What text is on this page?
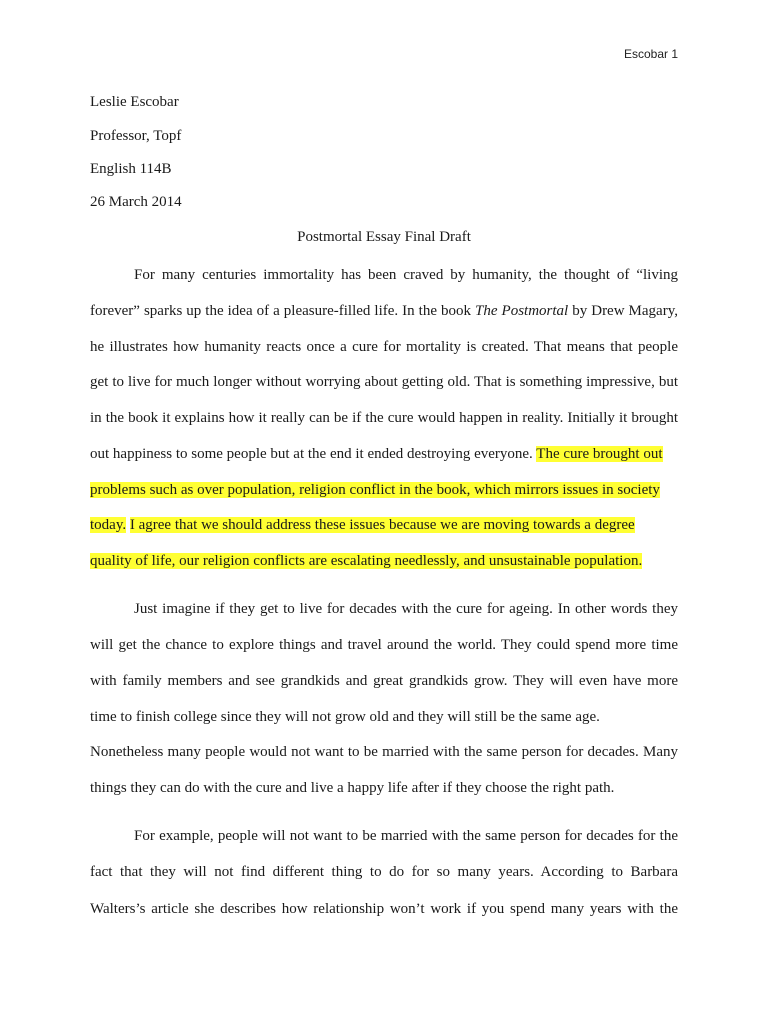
Escobar 1
Leslie Escobar
Professor, Topf
English 114B
26 March 2014
Postmortal Essay Final Draft
For many centuries immortality has been craved by humanity, the thought of “living
forever” sparks up the idea of a pleasure-filled life. In the book The Postmortal by Drew Magary,
he illustrates how humanity reacts once a cure for mortality is created. That means that people
get to live for much longer without worrying about getting old. That is something impressive, but
in the book it explains how it really can be if the cure would happen in reality. Initially it brought
out happiness to some people but at the end it ended destroying everyone. The cure brought out
problems such as over population, religion conflict in the book, which mirrors issues in society
today. I agree that we should address these issues because we are moving towards a degree
quality of life, our religion conflicts are escalating needlessly, and unsustainable population.
Just imagine if they get to live for decades with the cure for ageing. In other words they
will get the chance to explore things and travel around the world. They could spend more time
with family members and see grandkids and great grandkids grow. They will even have more
time to finish college since they will not grow old and they will still be the same age.
Nonetheless many people would not want to be married with the same person for decades. Many
things they can do with the cure and live a happy life after if they choose the right path.
For example, people will not want to be married with the same person for decades for the
fact that they will not find different thing to do for so many years. According to Barbara
Walters’s article she describes how relationship won’t work if you spend many years with the
